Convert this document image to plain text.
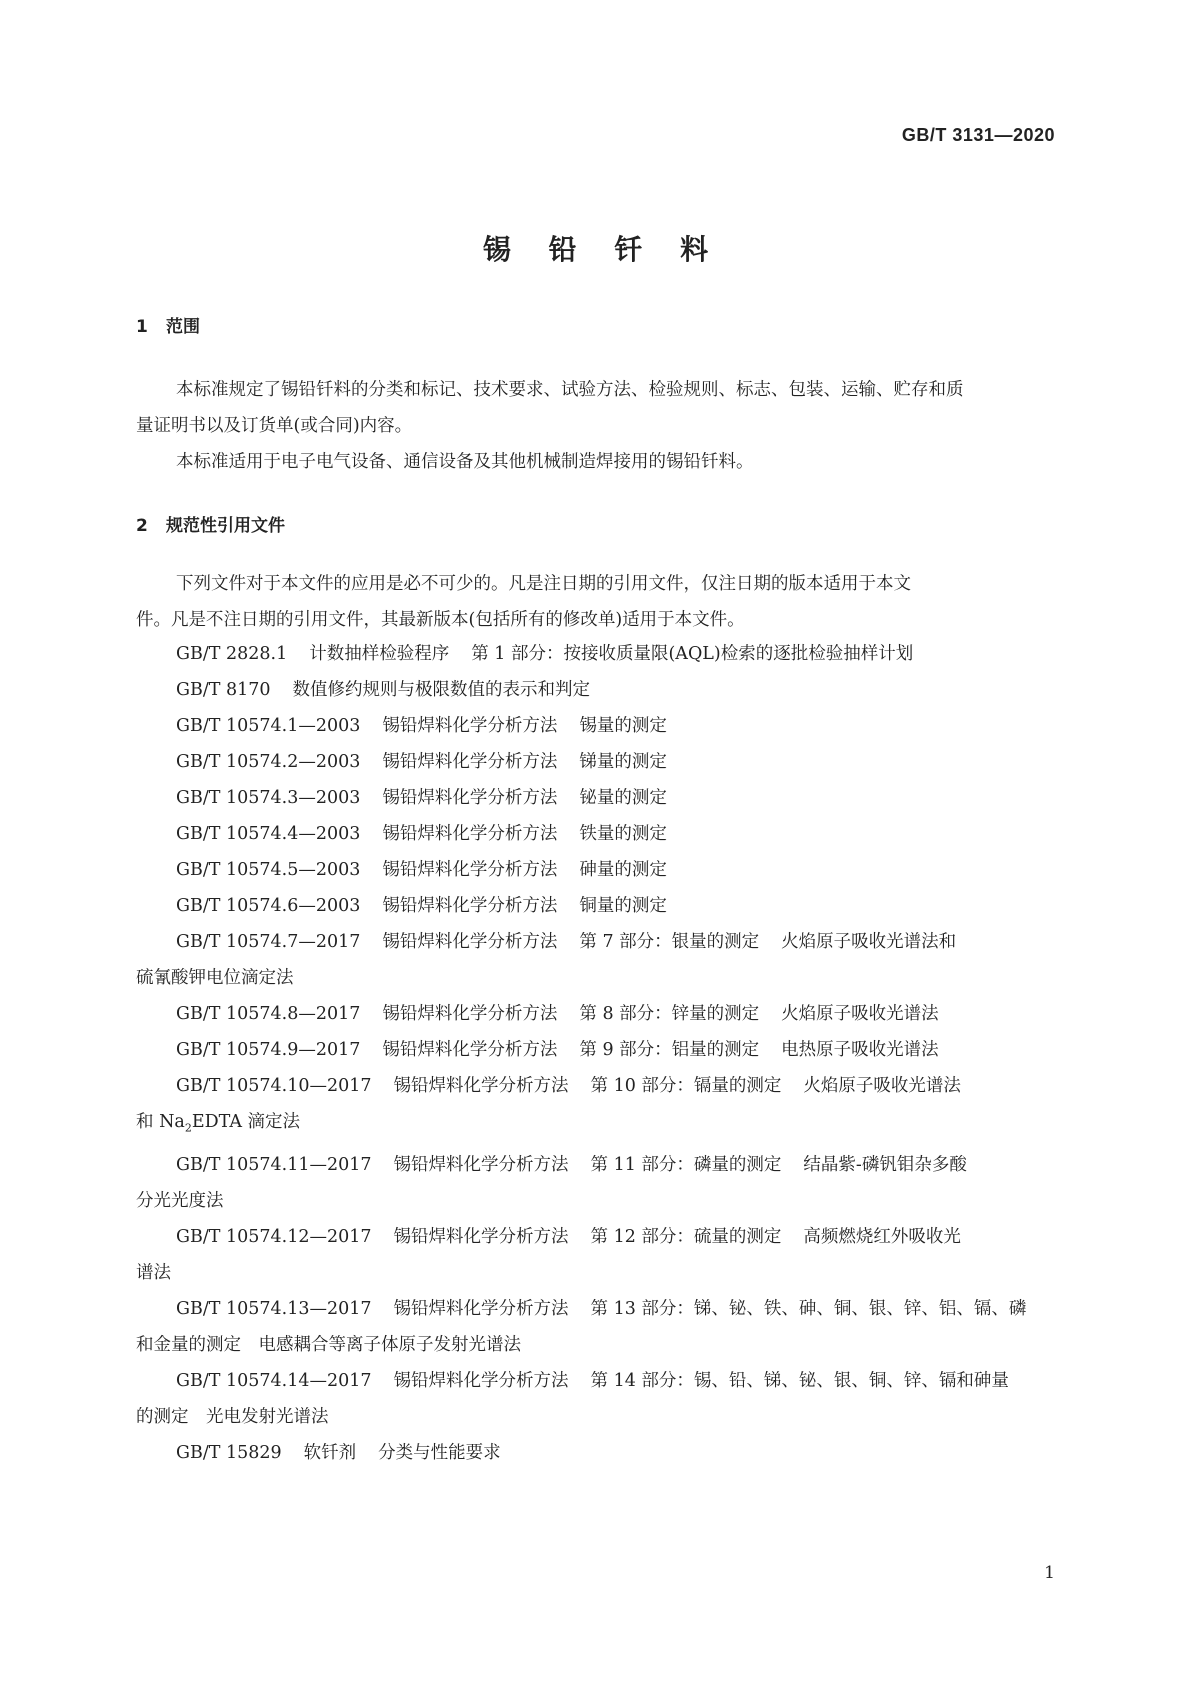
GB/T 3131—2020
锡 铅 钎 料
1 范围
本标准规定了锡铅钎料的分类和标记、技术要求、试验方法、检验规则、标志、包装、运输、贮存和质
量证明书以及订货单(或合同)内容。
本标准适用于电子电气设备、通信设备及其他机械制造焊接用的锡铅钎料。
2 规范性引用文件
下列文件对于本文件的应用是必不可少的。凡是注日期的引用文件，仅注日期的版本适用于本文
件。凡是不注日期的引用文件，其最新版本(包括所有的修改单)适用于本文件。
GB/T 2828.1 计数抽样检验程序 第 1 部分：按接收质量限(AQL)检索的逐批检验抽样计划
GB/T 8170 数值修约规则与极限数值的表示和判定
GB/T 10574.1—2003 锡铅焊料化学分析方法 锡量的测定
GB/T 10574.2—2003 锡铅焊料化学分析方法 锑量的测定
GB/T 10574.3—2003 锡铅焊料化学分析方法 铋量的测定
GB/T 10574.4—2003 锡铅焊料化学分析方法 铁量的测定
GB/T 10574.5—2003 锡铅焊料化学分析方法 砷量的测定
GB/T 10574.6—2003 锡铅焊料化学分析方法 铜量的测定
GB/T 10574.7—2017 锡铅焊料化学分析方法 第 7 部分：银量的测定 火焰原子吸收光谱法和
硫氰酸钾电位滴定法
GB/T 10574.8—2017 锡铅焊料化学分析方法 第 8 部分：锌量的测定 火焰原子吸收光谱法
GB/T 10574.9—2017 锡铅焊料化学分析方法 第 9 部分：铝量的测定 电热原子吸收光谱法
GB/T 10574.10—2017 锡铅焊料化学分析方法 第 10 部分：镉量的测定 火焰原子吸收光谱法
和 $Na_2EDTA$ 滴定法
GB/T 10574.11—2017 锡铅焊料化学分析方法 第 11 部分：磷量的测定 结晶紫-磷钒钼杂多酸
分光光度法
GB/T 10574.12—2017 锡铅焊料化学分析方法 第 12 部分：硫量的测定 高频燃烧红外吸收光
谱法
GB/T 10574.13—2017 锡铅焊料化学分析方法 第 13 部分：锑、铋、铁、砷、铜、银、锌、铝、镉、磷
和金量的测定　电感耦合等离子体原子发射光谱法
GB/T 10574.14—2017 锡铅焊料化学分析方法 第 14 部分：锡、铅、锑、铋、银、铜、锌、镉和砷量
的测定　光电发射光谱法
GB/T 15829 软钎剂 分类与性能要求
1
